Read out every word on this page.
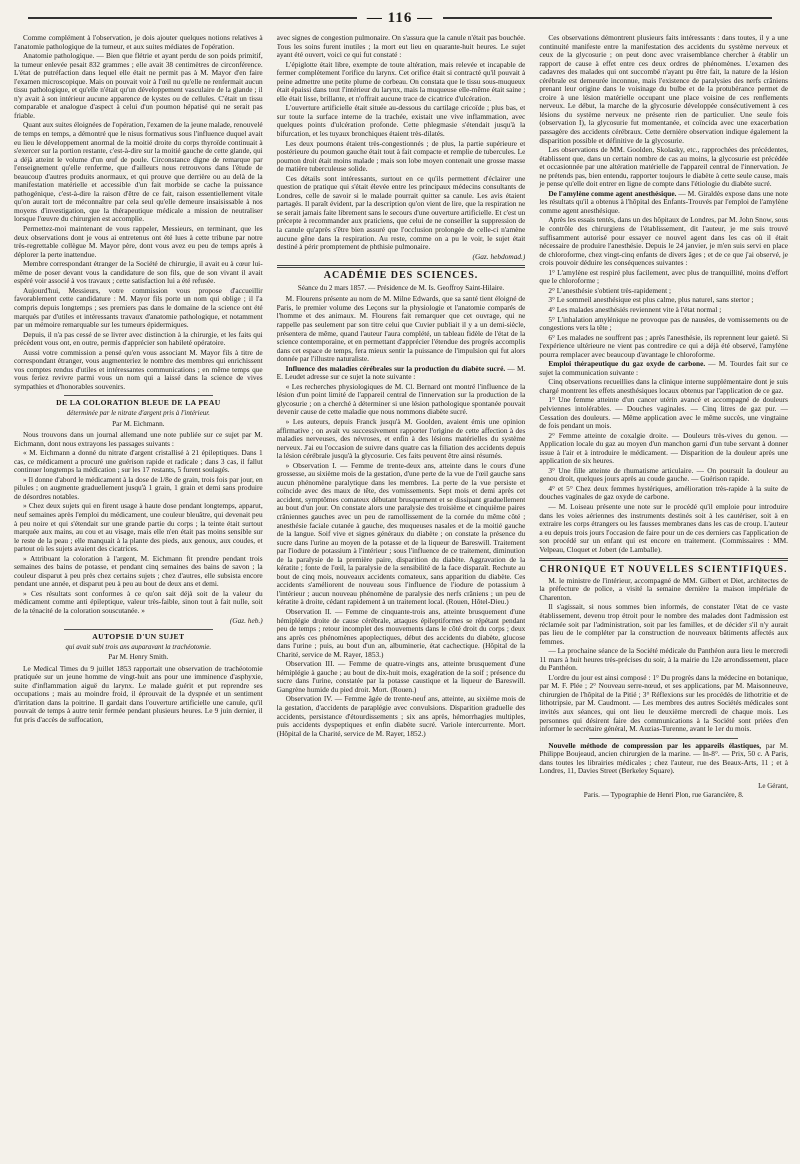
— 116 —

Comme complément à l'observation, je dois ajouter quelques notions relatives à l'anatomie pathologique de la tumeur, et aux suites médiates de l'opération.

Anatomie pathologique. — Bien que flétrie et ayant perdu de son poids primitif, la tumeur enlevée pesait 832 grammes ; elle avait 38 centimètres de circonférence. L'état de putréfaction dans lequel elle était ne permit pas à M. Mayor d'en faire l'examen microscopique. Mais on pouvait voir à l'œil nu qu'elle ne renfermait aucun tissu pathologique, et qu'elle n'était qu'un développement vasculaire de la glande ; il n'y avait à son intérieur aucune apparence de kystes ou de cellules. C'était un tissu comparable et analogue d'aspect à celui d'un poumon hépatisé qui ne serait pas friable.

Quant aux suites éloignées de l'opération, l'examen de la jeune malade, renouvelé de temps en temps, a démontré que le nisus formativus sous l'influence duquel avait eu lieu le développement anormal de la moitié droite du corps thyroïde continuait à s'exercer sur la portion restante, c'est-à-dire sur la moitié gauche de cette glande, qui a déjà atteint le volume d'un œuf de poule. Circonstance digne de remarque par l'enseignement qu'elle renferme, que d'ailleurs nous retrouvons dans l'étude de beaucoup d'autres produits anormaux, et qui prouve que derrière ou au delà de la manifestation matérielle et accessible d'un fait morbide se cache la puissance pathogénique, c'est-à-dire la raison d'être de ce fait, raison essentiellement vitale qu'on aurait tort de méconnaître par cela seul qu'elle demeure insaisissable à nos moyens d'investigation, que la thérapeutique médicale a mission de neutraliser lorsque l'œuvre du chirurgien est accomplie.

Permettez-moi maintenant de vous rappeler, Messieurs, en terminant, que les deux observations dont je vous ai entretenus ont été lues à cette tribune par notre très-regrettable collègue M. Mayor père, dont vous avez eu peu de temps après à déplorer la perte inattendue.

Membre correspondant étranger de la Société de chirurgie, il avait eu à cœur lui-même de poser devant vous la candidature de son fils, que de son vivant il avait espéré voir associé à vos travaux ; cette satisfaction lui a été refusée.

Aujourd'hui, Messieurs, votre commission vous propose d'accueillir favorablement cette candidature : M. Mayor fils porte un nom qui oblige ; il l'a compris depuis longtemps ; ses premiers pas dans le domaine de la science ont été marqués par d'utiles et intéressants travaux d'anatomie pathologique, et notamment par un mémoire remarquable sur les tumeurs épidermiques.

Depuis, il n'a pas cessé de se livrer avec distinction à la chirurgie, et les faits qui précèdent vous ont, en outre, permis d'apprécier son habileté opératoire.

Aussi votre commission a pensé qu'en vous associant M. Mayor fils à titre de correspondant étranger, vous augmenteriez le nombre des membres qui enrichissent vos comptes rendus d'utiles et intéressantes communications ; en même temps que vous feriez revivre parmi vous un nom qui a laissé dans la science de vives sympathies et d'honorables souvenirs.

DE LA COLORATION BLEUE DE LA PEAU
déterminée par le nitrate d'argent pris à l'intérieur.
Par M. Eichmann.

Nous trouvons dans un journal allemand une note publiée sur ce sujet par M. Eichmann, dont nous extrayons les passages suivants :

« M. Eichmann a donné du nitrate d'argent cristallisé à 21 épileptiques. Dans 1 cas, ce médicament a procuré une guérison rapide et radicale ; dans 3 cas, il fallut continuer longtemps la médication ; sur les 17 restants, 5 furent soulagés.

» Il donne d'abord le médicament à la dose de 1/8e de grain, trois fois par jour, en pilules ; on augmente graduellement jusqu'à 1 grain, 1 grain et demi sans produire de désordres notables.

» Chez deux sujets qui en firent usage à haute dose pendant longtemps, apparut, neuf semaines après l'emploi du médicament, une couleur bleuâtre, qui devenait peu à peu noire et qui s'étendait sur une grande partie du corps ; la teinte était surtout marquée aux mains, au cou et au visage, mais elle n'en était pas moins sensible sur le reste de la peau ; elle manquait à la plante des pieds, aux genoux, aux coudes, et partout où les sujets avaient des cicatrices.

» Attribuant la coloration à l'argent, M. Eichmann fit prendre pendant trois semaines des bains de potasse, et pendant cinq semaines des bains de savon ; la couleur disparut à peu près chez certains sujets ; chez d'autres, elle subsista encore pendant une année, et disparut peu à peu au bout de deux ans et demi.

» Ces résultats sont conformes à ce qu'on sait déjà soit de la valeur du médicament comme anti épileptique, valeur très-faible, sinon tout à fait nulle, soit de la ténacité de la coloration souscutanée. »

(Gaz. heb.)
AUTOPSIE D'UN SUJET
qui avait subi trois ans auparavant la trachéotomie.
Par M. Henry Smith.

Le Medical Times du 9 juillet 1853 rapportait une observation de trachéotomie pratiquée sur un jeune homme de vingt-huit ans pour une imminence d'asphyxie, suite d'inflammation aiguë du larynx. Le malade guérit et put reprendre ses occupations ; mais au moindre froid, il éprouvait de la dyspnée et un sentiment d'irritation dans la poitrine. Il gardait dans l'ouverture artificielle une canule, qu'il pouvait de temps à autre tenir fermée pendant plusieurs heures. Le 9 juin dernier, il fut pris d'accès de suffocation,

avec signes de congestion pulmonaire. On s'assura que la canule n'était pas bouchée. Tous les soins furent inutiles ; la mort eut lieu en quarante-huit heures. Le sujet ayant été ouvert, voici ce qui fut constaté :

L'épiglotte était libre, exempte de toute altération, mais relevée et incapable de fermer complètement l'orifice du larynx. Cet orifice était si contracté qu'il pouvait à peine admettre une petite plume de corbeau. On constata que le tissu sous-muqueux était épaissi dans tout l'intérieur du larynx, mais la muqueuse elle-même était saine ; elle était lisse, brillante, et n'offrait aucune trace de cicatrice d'ulcération.

L'ouverture artificielle était située au-dessous du cartilage cricoïde ; plus bas, et sur toute la surface interne de la trachée, existait une vive inflammation, avec quelques points d'ulcération profonde. Cette phlegmasie s'étendait jusqu'à la bifurcation, et les tuyaux bronchiques étaient très-dilatés.

Les deux poumons étaient très-congestionnés ; de plus, la partie supérieure et postérieure du poumon gauche était tout à fait compacte et remplie de tubercules. Le poumon droit était moins malade ; mais son lobe moyen contenait une grosse masse de matière tuberculeuse solide.

Ces détails sont intéressants, surtout en ce qu'ils permettent d'éclairer une question de pratique qui s'était élevée entre les principaux médecins consultants de Londres, celle de savoir si le malade pourrait quitter sa canule. Les avis étaient partagés. Il paraît évident, par la description qu'on vient de lire, que la respiration ne se serait jamais faite librement sans le secours d'une ouverture artificielle. Et c'est un précepte à recommander aux praticiens, que celui de ne conseiller la suppression de la canule qu'après s'être bien assuré que l'occlusion prolongée de celle-ci n'amène aucune gêne dans la respiration. Au reste, comme on a pu le voir, le sujet était destiné à périr promptement de phthisie pulmonaire.

(Gaz. hebdomad.)
ACADÉMIE DES SCIENCES.
Séance du 2 mars 1857. — Présidence de M. Is. Geoffroy Saint-Hilaire.

M. Flourens présente au nom de M. Milne Edwards, que sa santé tient éloigné de Paris, le premier volume des Leçons sur la physiologie et l'anatomie comparés de l'homme et des animaux. M. Flourens fait remarquer que cet ouvrage, qui ne rappelle pas seulement par son titre celui que Cuvier publiait il y a un demi-siècle, présentera de même, quand l'auteur l'aura complété, un tableau fidèle de l'état de la science contemporaine, et en permettant d'apprécier l'étendue des progrès accomplis dans cet espace de temps, fera mieux sentir la puissance de l'impulsion qui fut alors donnée par l'illustre naturaliste.

Influence des maladies cérébrales sur la production du diabète sucré. — M. E. Leudet adresse sur ce sujet la note suivante :

« Les recherches physiologiques de M. Cl. Bernard ont montré l'influence de la lésion d'un point limité de l'appareil central de l'innervation sur la production de la glycosurie ; on a cherché à déterminer si une lésion pathologique spontanée pouvait devenir cause de cette maladie que nous nommons diabète sucré.

» Les auteurs, depuis Franck jusqu'à M. Goolden, avaient émis une opinion affirmative ; on avait vu successivement rapporter l'origine de cette affection à des maladies nerveuses, des névroses, et enfin à des lésions matérielles du système nerveux. J'ai eu l'occasion de suivre dans quatre cas la filiation des accidents depuis la lésion cérébrale jusqu'à la glycosurie. Ces faits peuvent être ainsi résumés.

» Observation I. — Femme de trente-deux ans, atteinte dans le cours d'une grossesse, au sixième mois de la gestation, d'une perte de la vue de l'œil gauche sans aucun phénomène paralytique dans les membres. La perte de la vue persiste et coïncide avec des maux de tête, des vomissements. Sept mois et demi après cet accident, symptômes comateux débutant brusquement et se dissipant graduellement au bout d'un jour. On constate alors une paralysie des troisième et cinquième paires crâniennes gauches avec un peu de ramollissement de la cornée du même côté ; anesthésie faciale cutanée à gauche, des muqueuses nasales et de la moitié gauche de la langue. Soif vive et signes généraux du diabète ; on constate la présence du sucre dans l'urine au moyen de la potasse et de la liqueur de Bareswill. Traitement par l'iodure de potassium à l'intérieur ; sous l'influence de ce traitement, diminution de la paralysie de la première paire, disparition du diabète. Aggravation de la kératite ; fonte de l'œil, la paralysie de la sensibilité de la face disparaît. Rechute au bout de cinq mois, nouveaux accidents comateux, sans apparition du diabète. Ces accidents s'améliorent de nouveau sous l'influence de l'iodure de potassium à l'intérieur ; aucun nouveau phénomène de paralysie des nerfs crâniens ; un peu de kératite à droite, cédant rapidement à un traitement local. (Rouen, Hôtel-Dieu.)

Observation II. — Femme de cinquante-trois ans, atteinte brusquement d'une hémiplégie droite de cause cérébrale, attaques épileptiformes se répétant pendant peu de temps ; retour incomplet des mouvements dans le côté droit du corps ; deux ans après ces phénomènes apoplectiques, début des accidents du diabète, glucose dans l'urine ; puis, au bout d'un an, albuminerie, état cachectique. (Hôpital de la Charité, service de M. Rayer, 1853.)

Observation III. — Femme de quatre-vingts ans, atteinte brusquement d'une hémiplégie à gauche ; au bout de dix-huit mois, exagération de la soif ; présence du sucre dans l'urine, constatée par la potasse caustique et la liqueur de Bareswill. Gangrène humide du pied droit. Mort. (Rouen.)

Observation IV. — Femme âgée de trente-neuf ans, atteinte, au sixième mois de la gestation, d'accidents de paraplégie avec convulsions. Disparition graduelle des accidents, persistance d'étourdissements ; six ans après, hémorrhagies multiples, puis accidents dyspeptiques et enfin diabète sucré. Variole intercurrente. Mort. (Hôpital de la Charité, service de M. Rayer, 1852.)

Ces observations démontrent plusieurs faits intéressants : dans toutes, il y a une continuité manifeste entre la manifestation des accidents du système nerveux et ceux de la glycosurie ; on peut donc avec vraisemblance chercher à établir un rapport de cause à effet entre ces deux ordres de phénomènes. L'examen des cadavres des malades qui ont succombé n'ayant pu être fait, la nature de la lésion cérébrale est demeurée inconnue, mais l'existence de paralysies des nerfs crâniens prenant leur origine dans le voisinage du bulbe et de la protubérance permet de croire à une lésion matérielle occupant une place voisine de ces renflements nerveux. Le début, la marche de la glycosurie développée consécutivement à ces lésions du système nerveux ne présente rien de particulier. Une seule fois (observation I), la glycosurie fut momentanée, et coïncida avec une exacerbation passagère des accidents cérébraux. Cette dernière observation indique également la disparition possible et définitive de la glycosurie.

Les observations de MM. Goolden, Skolasky, etc., rapprochées des précédentes, établissent que, dans un certain nombre de cas au moins, la glycosurie est précédée et occasionnée par une altération matérielle de l'appareil central de l'innervation. Je ne prétends pas, bien entendu, rapporter toujours le diabète à cette seule cause, mais je pense qu'elle doit entrer en ligne de compte dans l'étiologie du diabète sucré.

De l'amylène comme agent anesthésique. — M. Giraldès expose dans une note les résultats qu'il a obtenus à l'hôpital des Enfants-Trouvés par l'emploi de l'amylène comme agent anesthésique.

Après les essais tentés, dans un des hôpitaux de Londres, par M. John Snow, sous le contrôle des chirurgiens de l'établissement, dit l'auteur, je me suis trouvé suffisamment autorisé pour essayer ce nouvel agent dans les cas où il était nécessaire de produire l'anesthésie. Depuis le 24 janvier, je m'en suis servi en place de chloroforme, chez vingt-cinq enfants de divers âges ; et de ce que j'ai observé, je crois pouvoir déduire les conséquences suivantes :

1° L'amylène est respiré plus facilement, avec plus de tranquillité, moins d'effort que le chloroforme ;

2° L'anesthésie s'obtient très-rapidement ;

3° Le sommeil anesthésique est plus calme, plus naturel, sans stertor ;

4° Les malades anesthésiés reviennent vite à l'état normal ;

5° L'inhalation amylénique ne provoque pas de nausées, de vomissements ou de congestions vers la tête ;

6° Les malades ne souffrent pas ; après l'anesthésie, ils reprennent leur gaieté. Si l'expérience ultérieure ne vient pas contredire ce qui a déjà été observé, l'amylène pourra remplacer avec beaucoup d'avantage le chloroforme.

Emploi thérapeutique du gaz oxyde de carbone. — M. Tourdes fait sur ce sujet la communication suivante :

Cinq observations recueillies dans la clinique interne supplémentaire dont je suis chargé montrent les effets anesthésiques locaux obtenus par l'application de ce gaz.

1° Une femme atteinte d'un cancer utérin avancé et accompagné de douleurs pelviennes intolérables. — Douches vaginales. — Cinq litres de gaz pur. — Cessation des douleurs. — Même application avec le même succès, une vingtaine de fois pendant un mois.

2° Femme atteinte de coxalgie droite. — Douleurs très-vives du genou. — Application locale du gaz au moyen d'un manchon garni d'un tube servant à donner issue à l'air et à introduire le médicament. — Disparition de la douleur après une application de six heures.

3° Une fille atteinte de rhumatisme articulaire. — On poursuit la douleur au genou droit, quelques jours après au coude gauche. — Guérison rapide.

4° et 5° Chez deux femmes hystériques, amélioration très-rapide à la suite de douches vaginales de gaz oxyde de carbone.

— M. Loiseau présente une note sur le procédé qu'il emploie pour introduire dans les voies aériennes des instruments destinés soit à les cautériser, soit à en extraire les corps étrangers ou les fausses membranes dans les cas de croup. L'auteur a eu depuis trois jours l'occasion de faire pour un de ces derniers cas l'application de son procédé sur un enfant qui est encore en traitement. (Commissaires : MM. Velpeau, Cloquet et Jobert (de Lamballe).

CHRONIQUE ET NOUVELLES SCIENTIFIQUES.

M. le ministre de l'intérieur, accompagné de MM. Gilbert et Diet, architectes de la préfecture de police, a visité la semaine dernière la maison impériale de Charenton.

Il s'agissait, si nous sommes bien informés, de constater l'état de ce vaste établissement, devenu trop étroit pour le nombre des malades dont l'admission est réclamée soit par l'administration, soit par les familles, et de décider s'il n'y aurait pas lieu de le compléter par la construction de nouveaux bâtiments affectés aux femmes.

— La prochaine séance de la Société médicale du Panthéon aura lieu le mercredi 11 mars à huit heures très-précises du soir, à la mairie du 12e arrondissement, place du Panthéon.

L'ordre du jour est ainsi composé : 1° Du progrès dans la médecine en botanique, par M. F. Plée ; 2° Nouveau serre-nœud, et ses applications, par M. Maisonneuve, chirurgien de l'hôpital de la Pitié ; 3° Réflexions sur les procédés de lithotritie et de lithotripsie, par M. Caudmont. — Les membres des autres Sociétés médicales sont invités aux séances, qui ont lieu le deuxième mercredi de chaque mois. Les personnes qui désirent faire des communications à la Société sont priées d'en informer le secrétaire général, M. Auzias-Turenne, avant le 1er du mois.

Nouvelle méthode de compression par les appareils élastiques, par M. Philippe Boujeaud, ancien chirurgien de la marine. — In-8°. — Prix, 50 c. A Paris, dans toutes les librairies médicales ; chez l'auteur, rue des Beaux-Arts, 11 ; et à Londres, 11, Davies Street (Berkeley Square).

Le Gérant,
Paris. — Typographie de Henri Plon, rue Garancière, 8.
